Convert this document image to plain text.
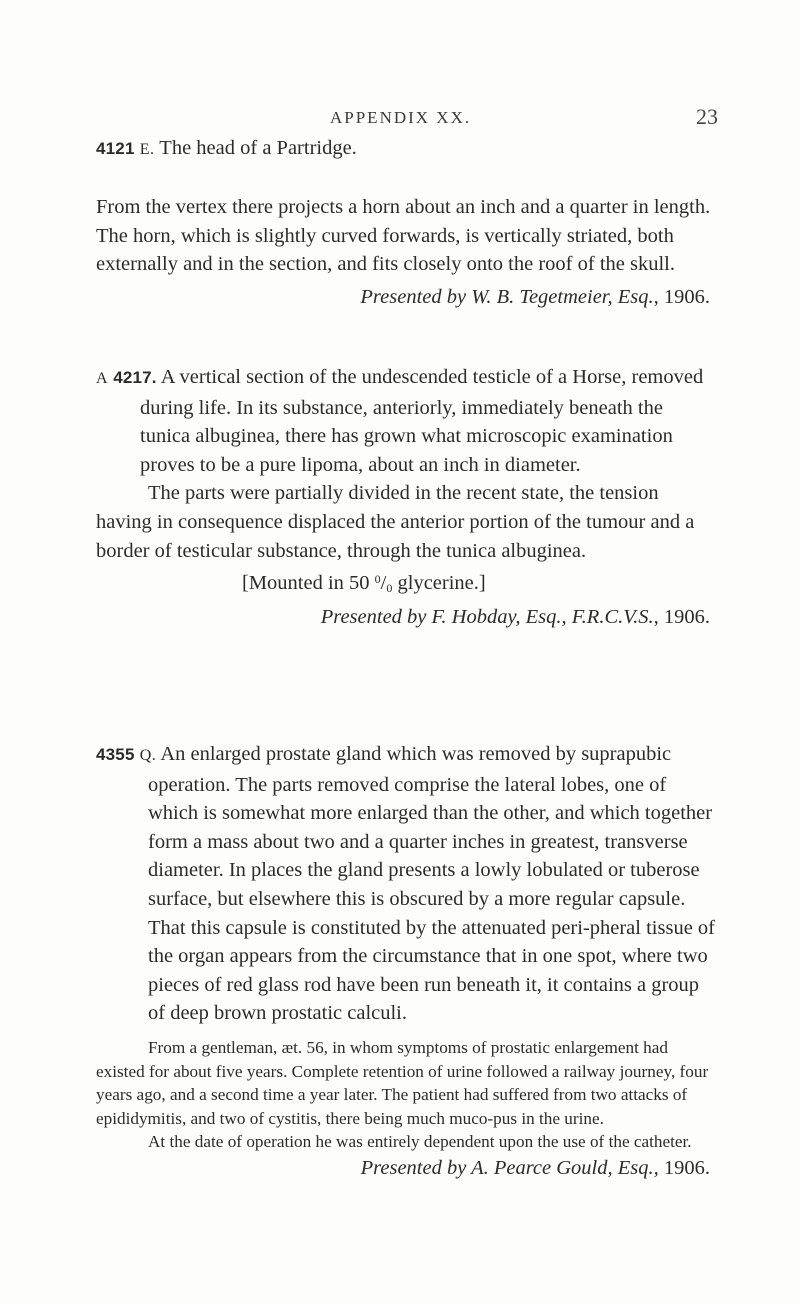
APPENDIX XX.	23

4121 E. The head of a Partridge.

From the vertex there projects a horn about an inch and a quarter in length. The horn, which is slightly curved forwards, is vertically striated, both externally and in the section, and fits closely onto the roof of the skull.

Presented by W. B. Tegetmeier, Esq., 1906.

A 4217. A vertical section of the undescended testicle of a Horse, removed during life. In its substance, anteriorly, immediately beneath the tunica albuginea, there has grown what microscopic examination proves to be a pure lipoma, about an inch in diameter.

The parts were partially divided in the recent state, the tension having in consequence displaced the anterior portion of the tumour and a border of testicular substance, through the tunica albuginea.

[Mounted in 50 $^0/_0$ glycerine.]

Presented by F. Hobday, Esq., F.R.C.V.S., 1906.

4355 Q. An enlarged prostate gland which was removed by suprapubic operation. The parts removed comprise the lateral lobes, one of which is somewhat more enlarged than the other, and which together form a mass about two and a quarter inches in greatest, transverse diameter. In places the gland presents a lowly lobulated or tuberose surface, but elsewhere this is obscured by a more regular capsule. That this capsule is constituted by the attenuated peri-pheral tissue of the organ appears from the circumstance that in one spot, where two pieces of red glass rod have been run beneath it, it contains a group of deep brown prostatic calculi.

From a gentleman, æt. 56, in whom symptoms of prostatic enlargement had existed for about five years. Complete retention of urine followed a railway journey, four years ago, and a second time a year later. The patient had suffered from two attacks of epididymitis, and two of cystitis, there being much muco-pus in the urine.

At the date of operation he was entirely dependent upon the use of the catheter.

Presented by A. Pearce Gould, Esq., 1906.
